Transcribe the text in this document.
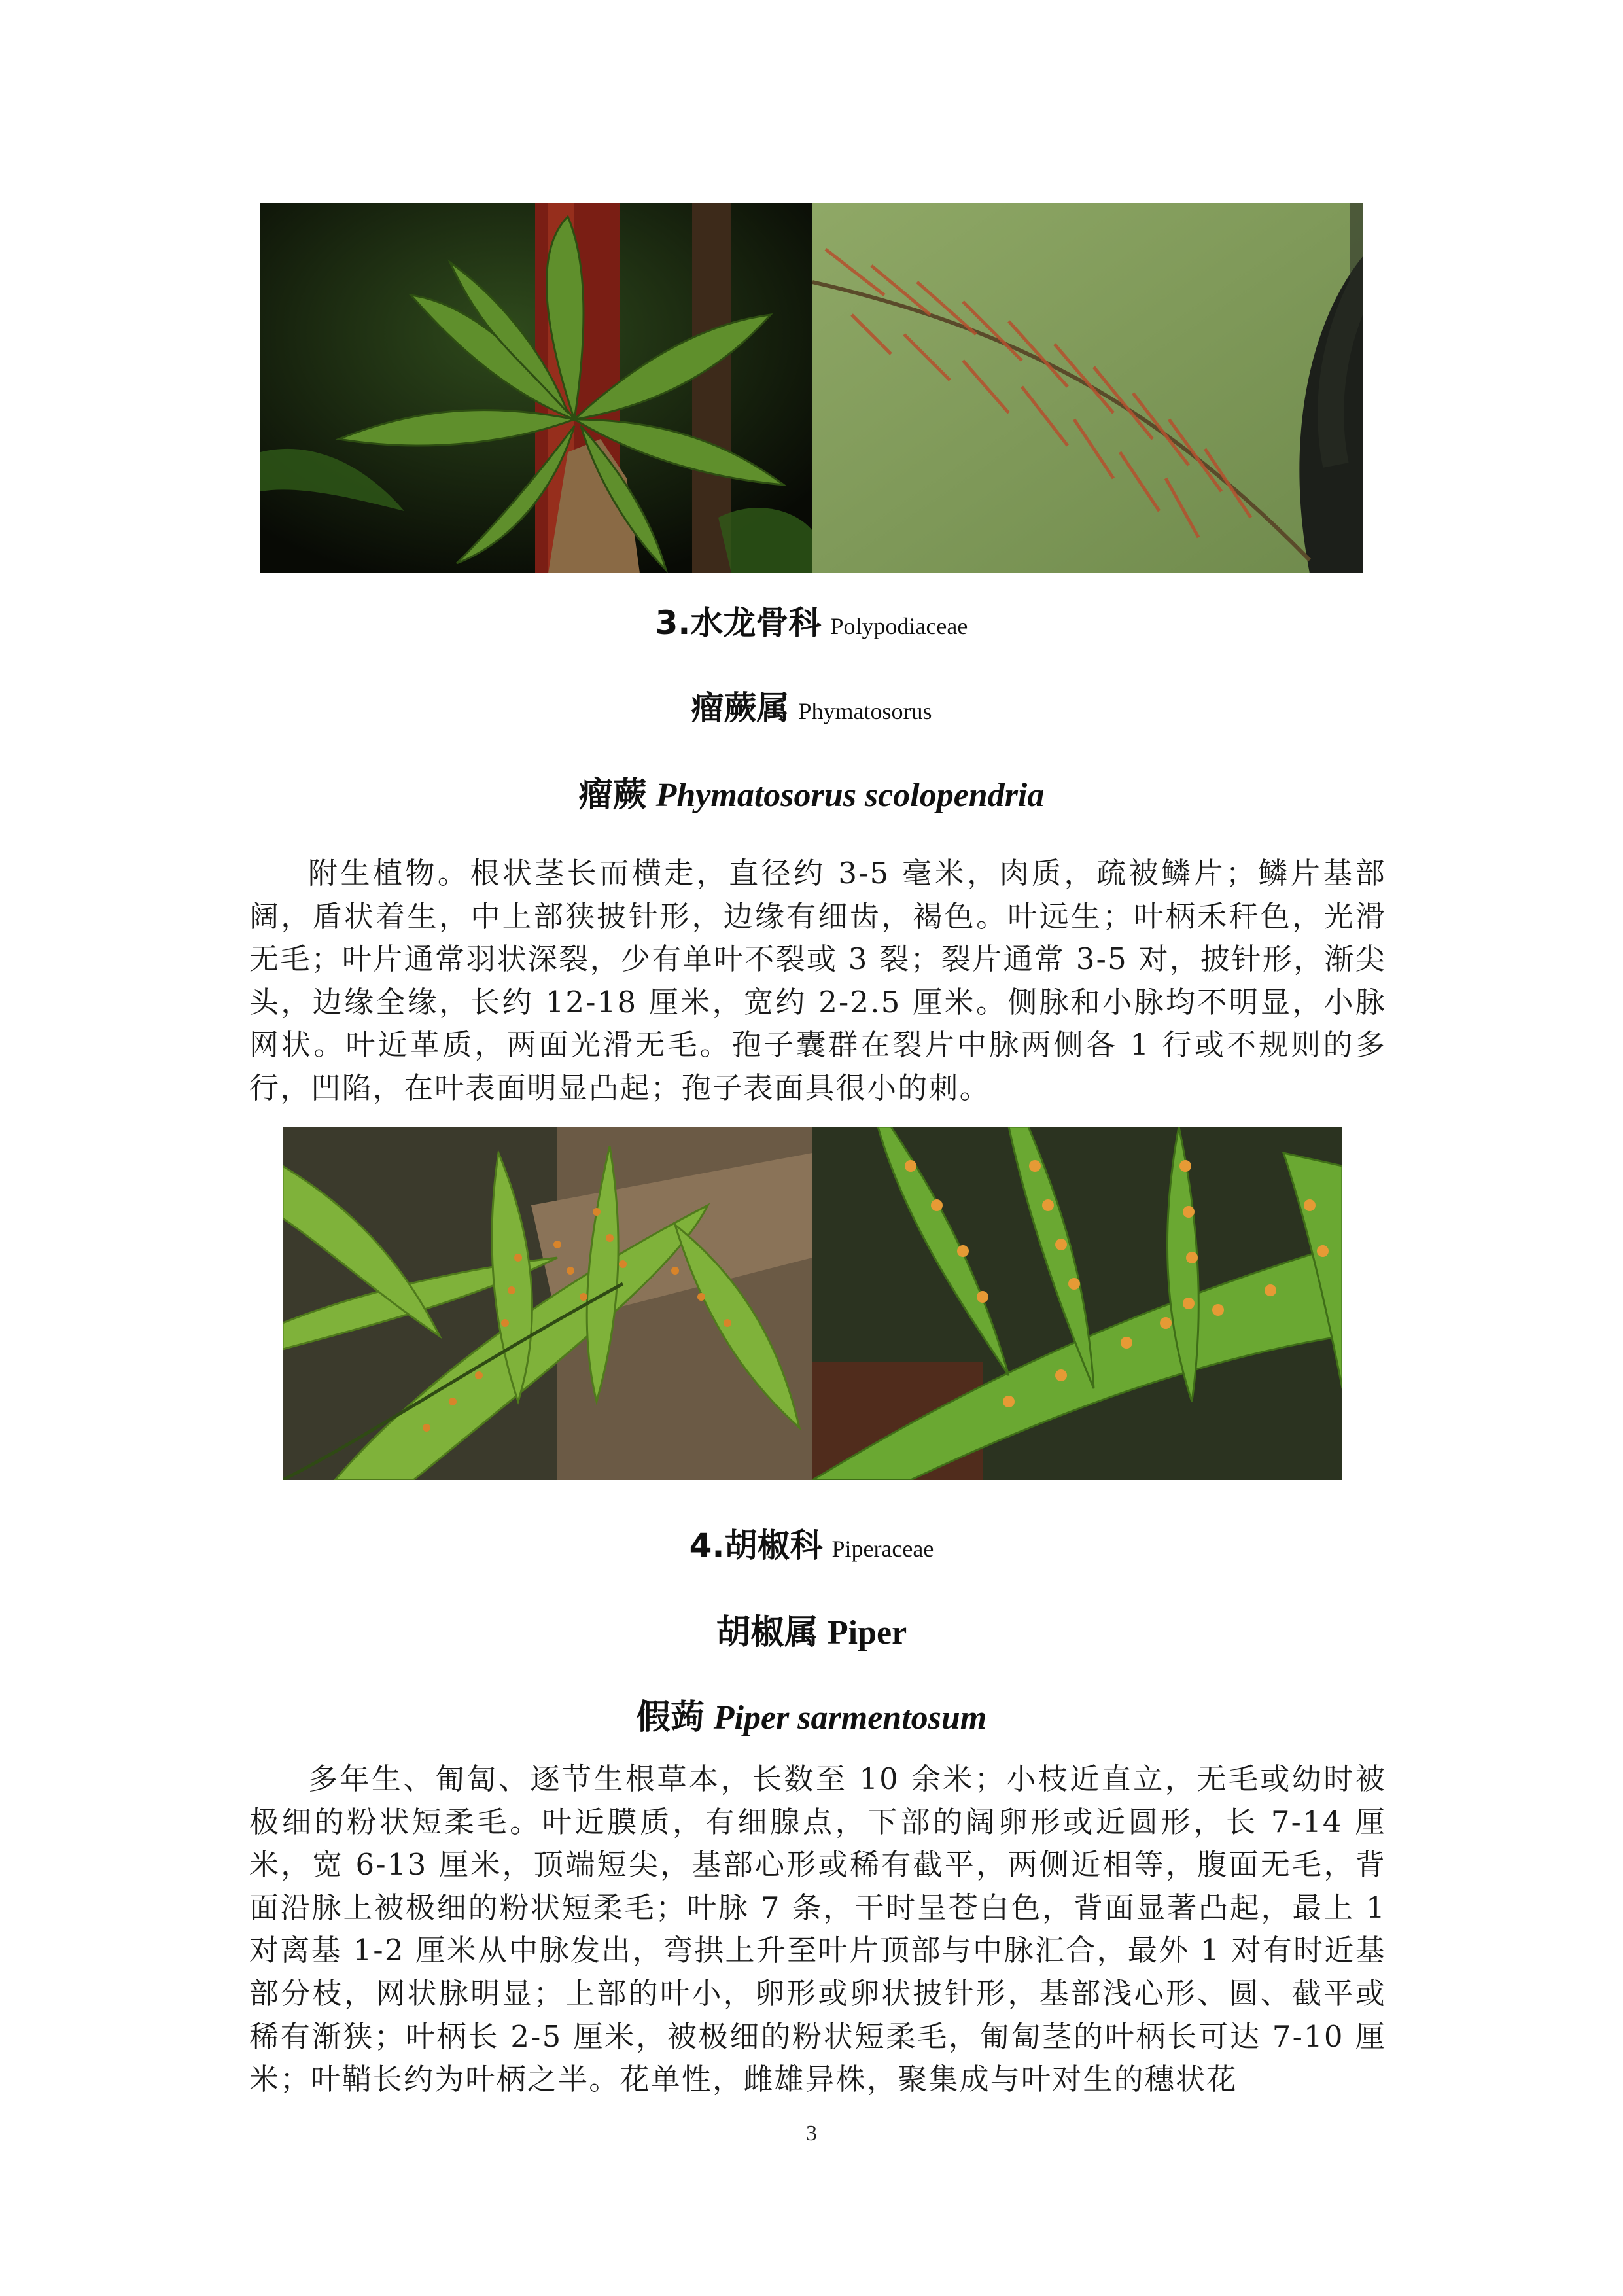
3.水龙骨科 Polypodiaceae
瘤蕨属 Phymatosorus
瘤蕨 Phymatosorus scolopendria
附生植物。根状茎长而横走，直径约 3-5 毫米，肉质，疏被鳞片；鳞片基部阔，盾状着生，中上部狭披针形，边缘有细齿，褐色。叶远生；叶柄禾秆色，光滑无毛；叶片通常羽状深裂，少有单叶不裂或 3 裂；裂片通常 3-5 对，披针形，渐尖头，边缘全缘，长约 12-18 厘米，宽约 2-2.5 厘米。侧脉和小脉均不明显，小脉网状。叶近革质，两面光滑无毛。孢子囊群在裂片中脉两侧各 1 行或不规则的多行，凹陷，在叶表面明显凸起；孢子表面具很小的刺。
4.胡椒科 Piperaceae
胡椒属 Piper
假蒟 Piper sarmentosum
多年生、匍匐、逐节生根草本，长数至 10 余米；小枝近直立，无毛或幼时被极细的粉状短柔毛。叶近膜质，有细腺点，下部的阔卵形或近圆形，长 7-14 厘米，宽 6-13 厘米，顶端短尖，基部心形或稀有截平，两侧近相等，腹面无毛，背面沿脉上被极细的粉状短柔毛；叶脉 7 条，干时呈苍白色，背面显著凸起，最上 1 对离基 1-2 厘米从中脉发出，弯拱上升至叶片顶部与中脉汇合，最外 1 对有时近基部分枝，网状脉明显；上部的叶小，卵形或卵状披针形，基部浅心形、圆、截平或稀有渐狭；叶柄长 2-5 厘米，被极细的粉状短柔毛，匍匐茎的叶柄长可达 7-10 厘米；叶鞘长约为叶柄之半。花单性，雌雄异株，聚集成与叶对生的穗状花
3
